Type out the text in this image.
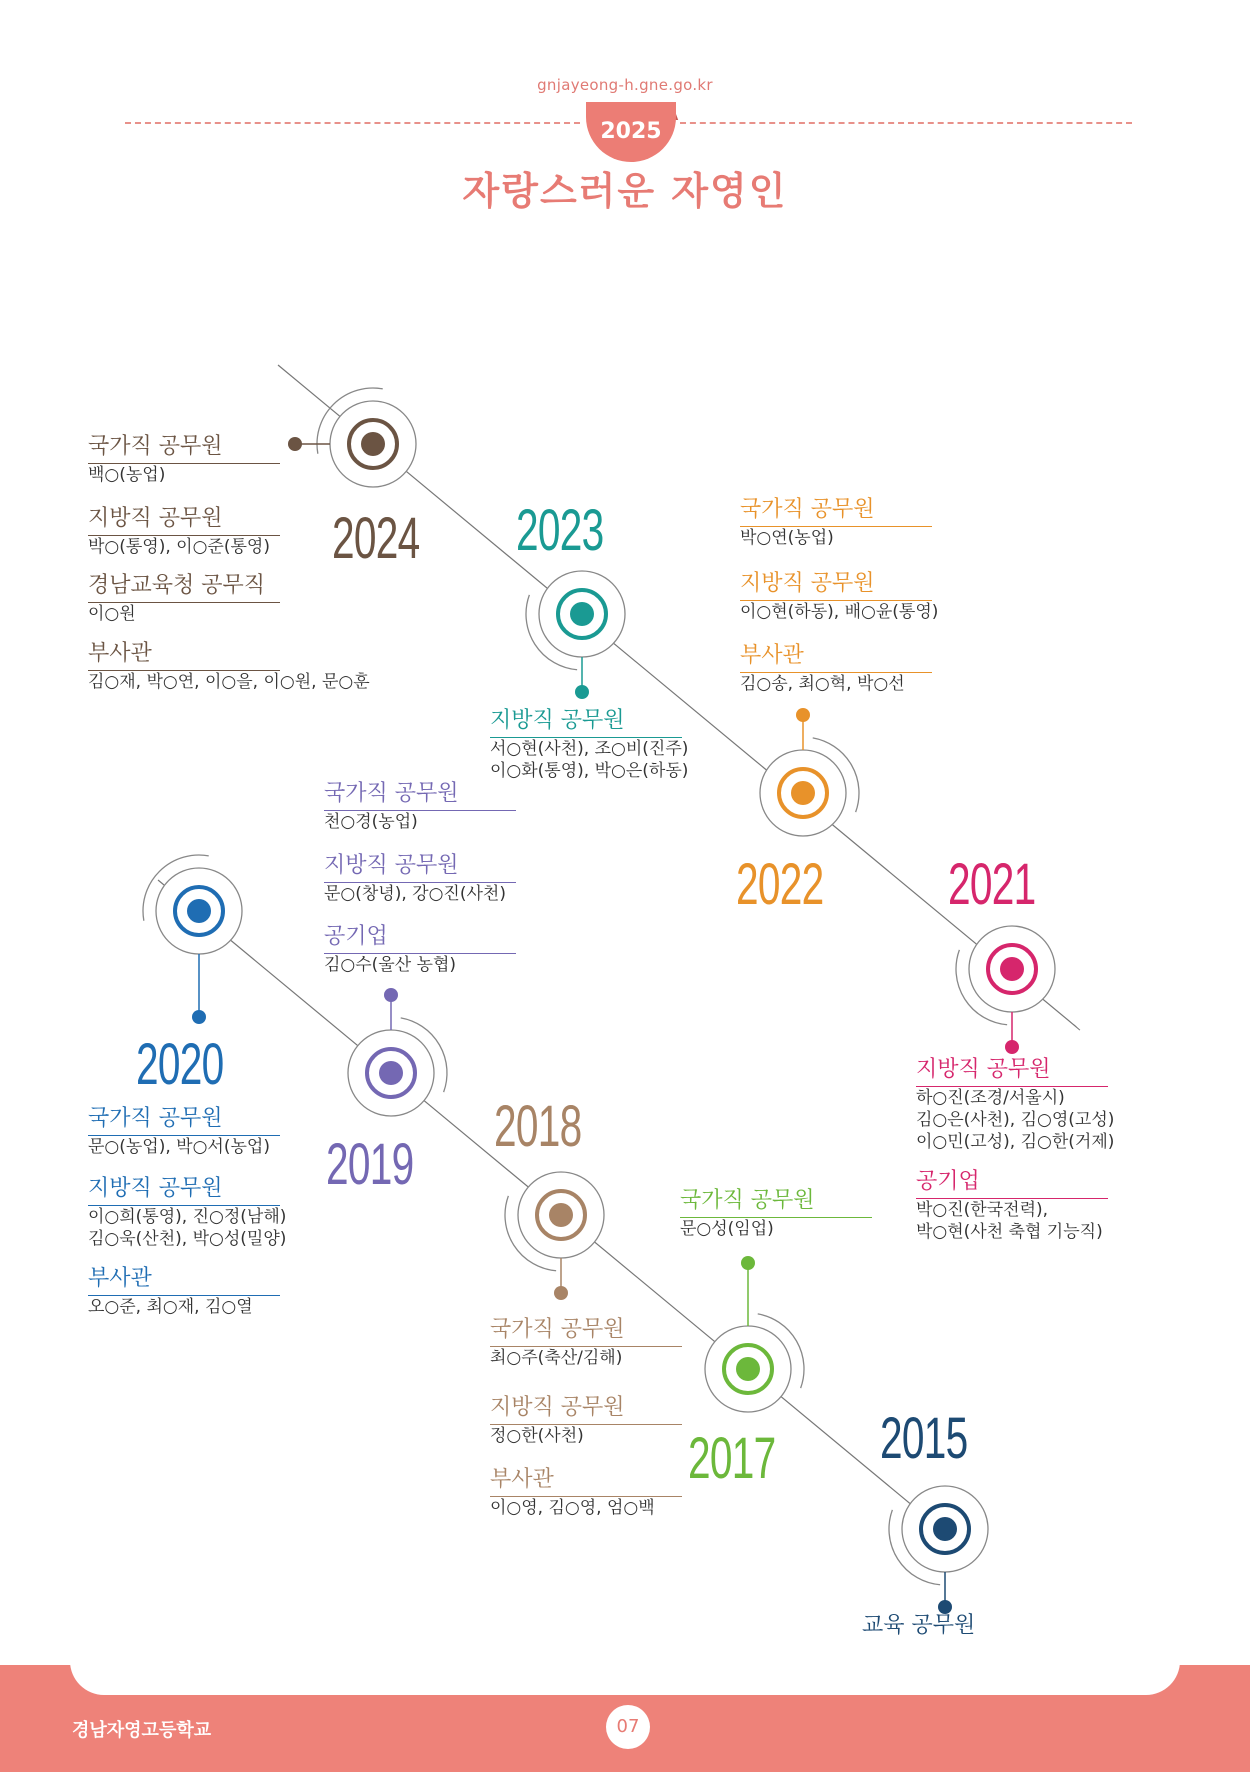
gnjayeong-h.gne.go.kr
2025
자랑스러운 자영인
2024
국가직 공무원
백○(농업)
지방직 공무원
박○(통영), 이○준(통영)
경남교육청 공무직
이○원
부사관
김○재, 박○연, 이○을, 이○원, 문○훈
2023
지방직 공무원
서○현(사천), 조○비(진주)
이○화(통영), 박○은(하동)
2022
국가직 공무원
박○연(농업)
지방직 공무원
이○현(하동), 배○윤(통영)
부사관
김○송, 최○혁, 박○선
2021
지방직 공무원
하○진(조경/서울시)
김○은(사천), 김○영(고성)
이○민(고성), 김○한(거제)
공기업
박○진(한국전력),
박○현(사천 축협 기능직)
2020
국가직 공무원
문○(농업), 박○서(농업)
지방직 공무원
이○희(통영), 진○정(남해)
김○욱(산천), 박○성(밀양)
부사관
오○준, 최○재, 김○열
2019
국가직 공무원
천○경(농업)
지방직 공무원
문○(창녕), 강○진(사천)
공기업
김○수(울산 농협)
2018
국가직 공무원
최○주(축산/김해)
지방직 공무원
정○한(사천)
부사관
이○영, 김○영, 엄○백
2017
국가직 공무원
문○성(임업)
2015
교육 공무원
경남자영고등학교	07
